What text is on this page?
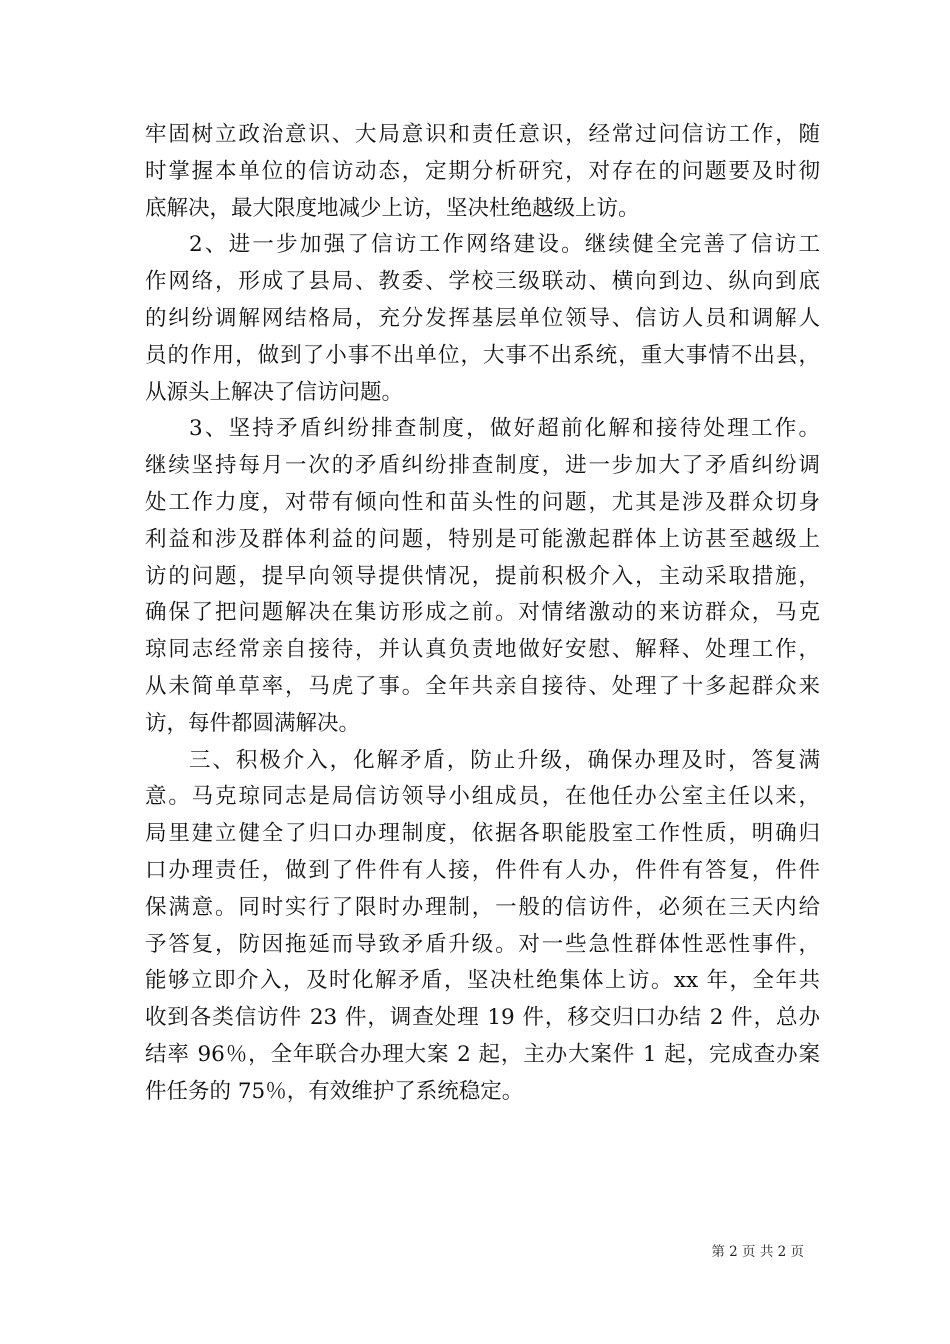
牢固树立政治意识、大局意识和责任意识，经常过问信访工作，随
时掌握本单位的信访动态，定期分析研究，对存在的问题要及时彻
底解决，最大限度地减少上访，坚决杜绝越级上访。
2、进一步加强了信访工作网络建设。继续健全完善了信访工
作网络，形成了县局、教委、学校三级联动、横向到边、纵向到底
的纠纷调解网结格局，充分发挥基层单位领导、信访人员和调解人
员的作用，做到了小事不出单位，大事不出系统，重大事情不出县，
从源头上解决了信访问题。
3、坚持矛盾纠纷排查制度，做好超前化解和接待处理工作。
继续坚持每月一次的矛盾纠纷排查制度，进一步加大了矛盾纠纷调
处工作力度，对带有倾向性和苗头性的问题，尤其是涉及群众切身
利益和涉及群体利益的问题，特别是可能激起群体上访甚至越级上
访的问题，提早向领导提供情况，提前积极介入，主动采取措施，
确保了把问题解决在集访形成之前。对情绪激动的来访群众，马克
琼同志经常亲自接待，并认真负责地做好安慰、解释、处理工作，
从未简单草率，马虎了事。全年共亲自接待、处理了十多起群众来
访，每件都圆满解决。
三、积极介入，化解矛盾，防止升级，确保办理及时，答复满
意。马克琼同志是局信访领导小组成员，在他任办公室主任以来，
局里建立健全了归口办理制度，依据各职能股室工作性质，明确归
口办理责任，做到了件件有人接，件件有人办，件件有答复，件件
保满意。同时实行了限时办理制，一般的信访件，必须在三天内给
予答复，防因拖延而导致矛盾升级。对一些急性群体性恶性事件，
能够立即介入，及时化解矛盾，坚决杜绝集体上访。xx 年，全年共
收到各类信访件 23 件，调查处理 19 件，移交归口办结 2 件，总办
结率 96％，全年联合办理大案 2 起，主办大案件 1 起，完成查办案
件任务的 75％，有效维护了系统稳定。
第 2 页 共 2 页
